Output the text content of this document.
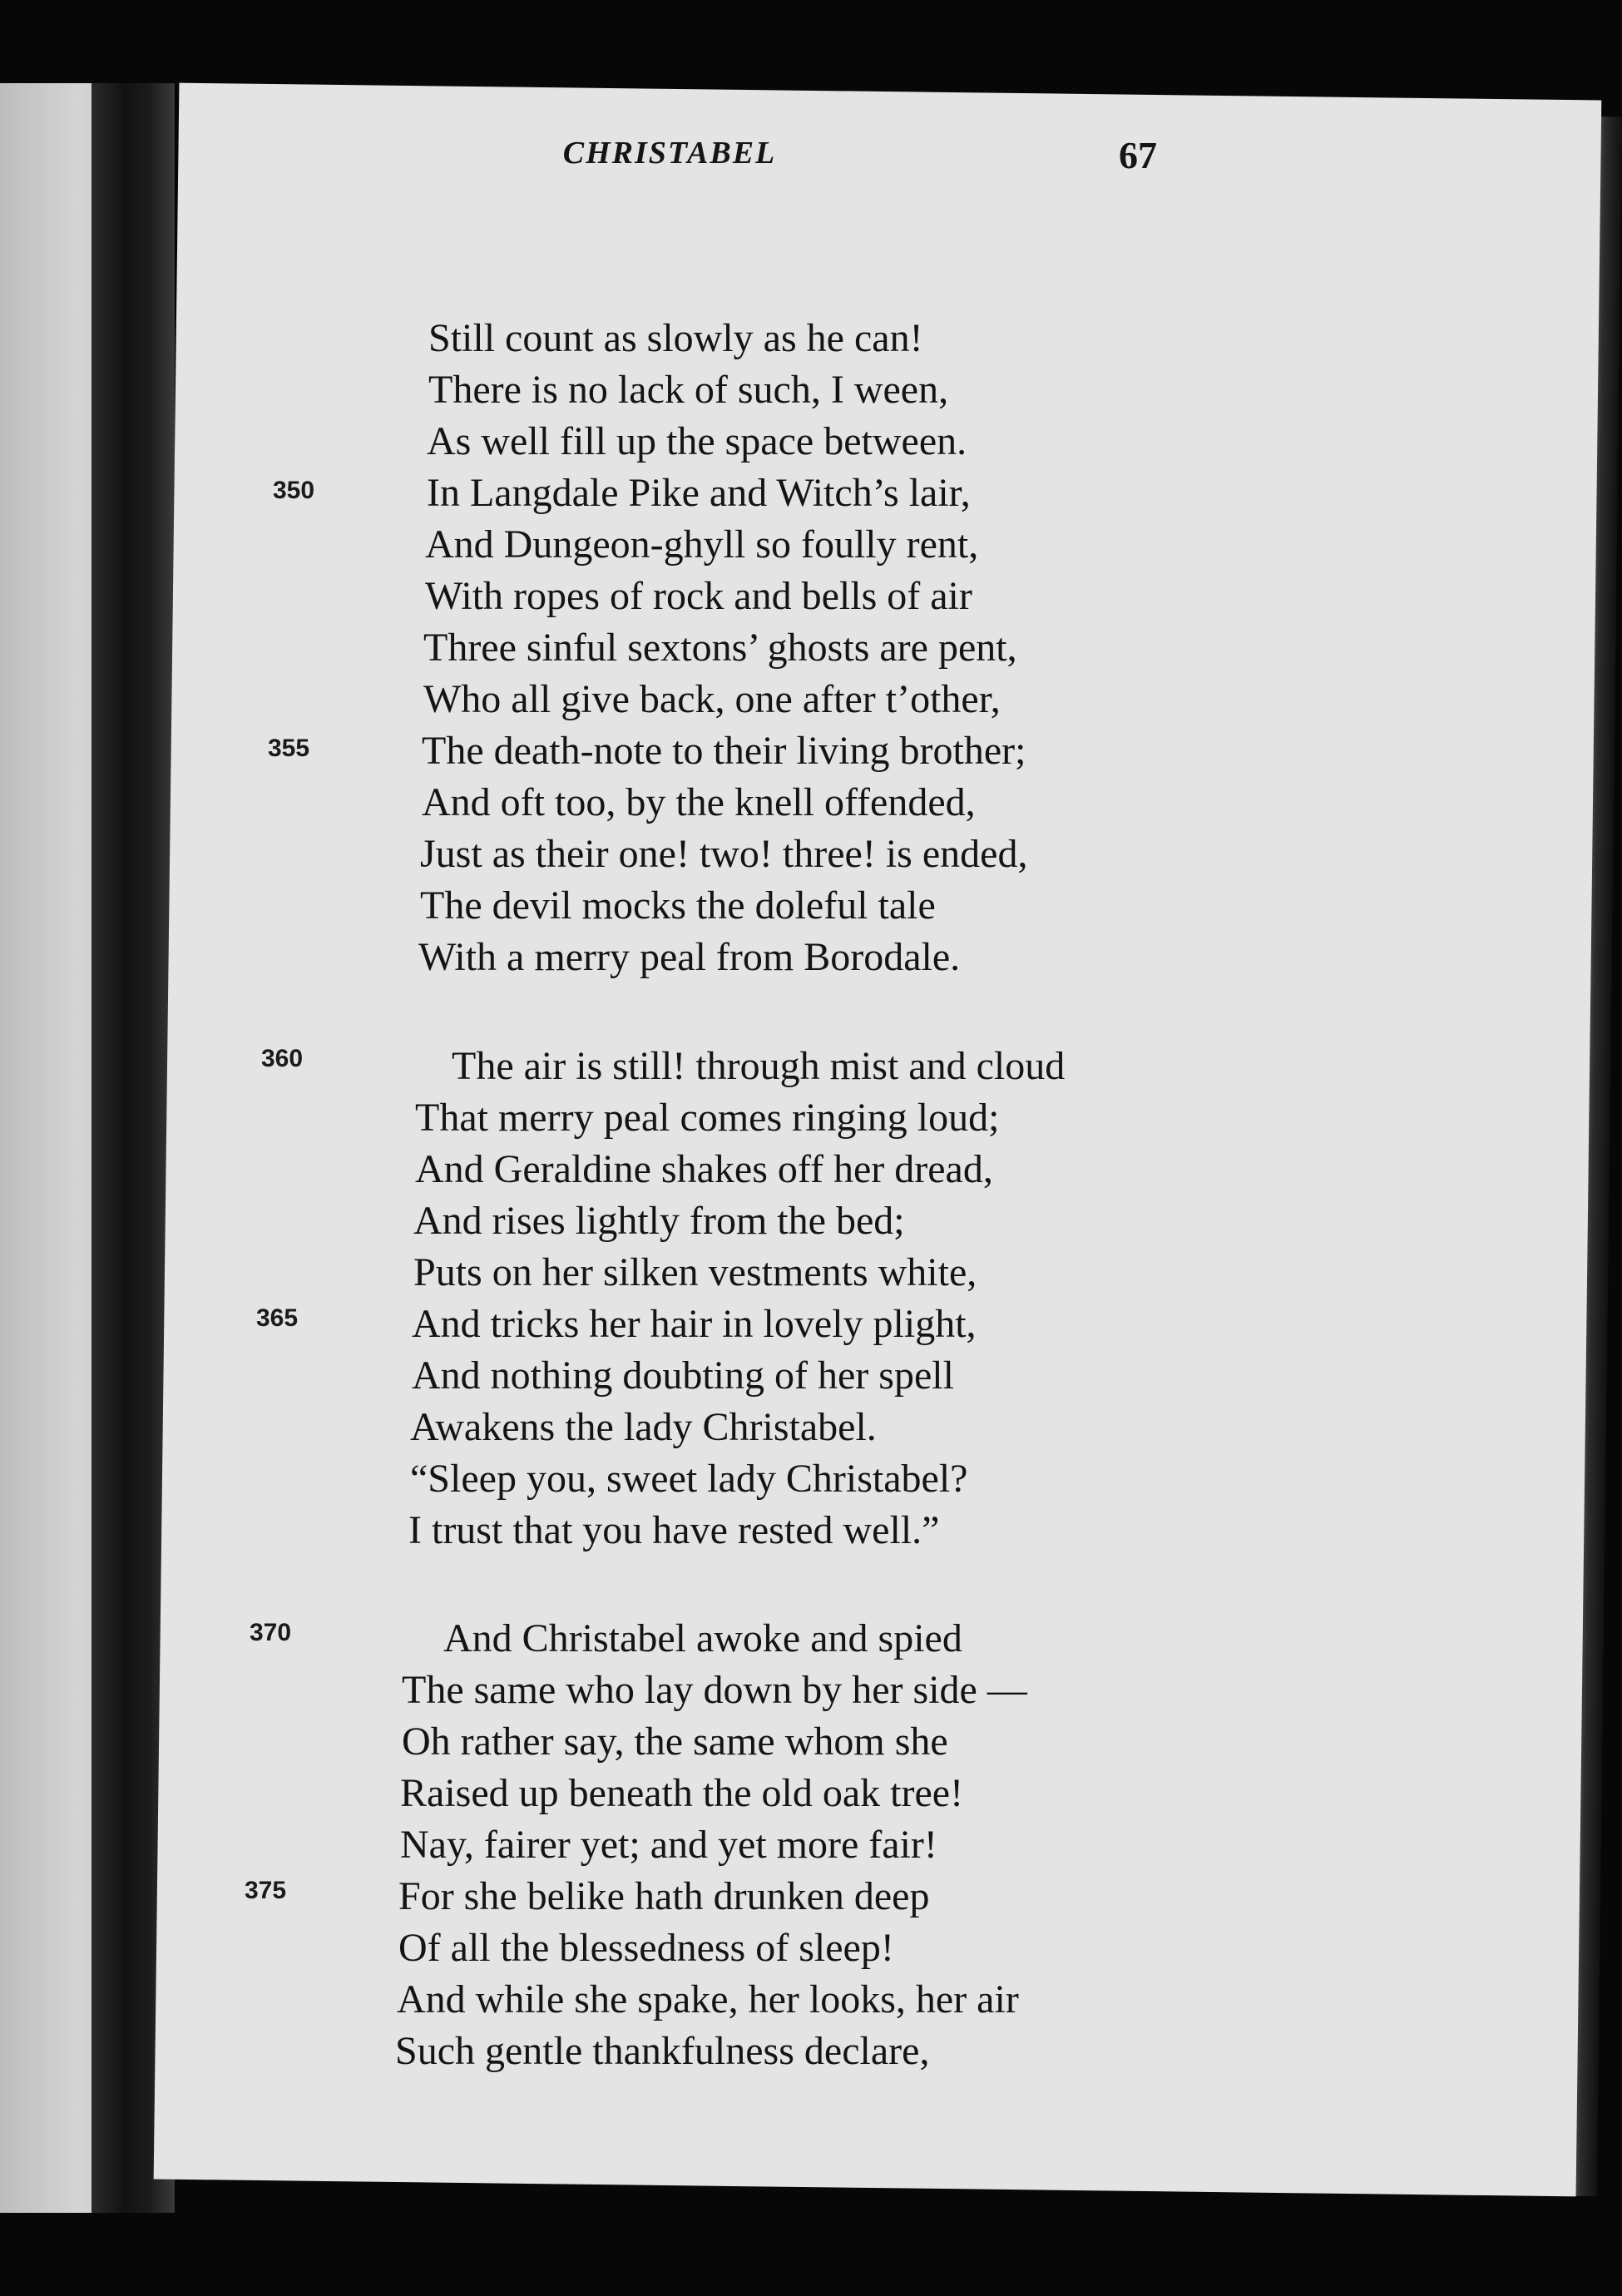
CHRISTABEL	67
Still count as slowly as he can!
There is no lack of such, I ween,
As well fill up the space between.
In Langdale Pike and Witch’s lair,
And Dungeon-ghyll so foully rent,
With ropes of rock and bells of air
Three sinful sextons’ ghosts are pent,
Who all give back, one after t’other,
The death-note to their living brother;
And oft too, by the knell offended,
Just as their one! two! three! is ended,
The devil mocks the doleful tale
With a merry peal from Borodale.
The air is still! through mist and cloud
That merry peal comes ringing loud;
And Geraldine shakes off her dread,
And rises lightly from the bed;
Puts on her silken vestments white,
And tricks her hair in lovely plight,
And nothing doubting of her spell
Awakens the lady Christabel.
“Sleep you, sweet lady Christabel?
I trust that you have rested well.”
And Christabel awoke and spied
The same who lay down by her side —
Oh rather say, the same whom she
Raised up beneath the old oak tree!
Nay, fairer yet; and yet more fair!
For she belike hath drunken deep
Of all the blessedness of sleep!
And while she spake, her looks, her air
Such gentle thankfulness declare,
350
355
360
365
370
375
